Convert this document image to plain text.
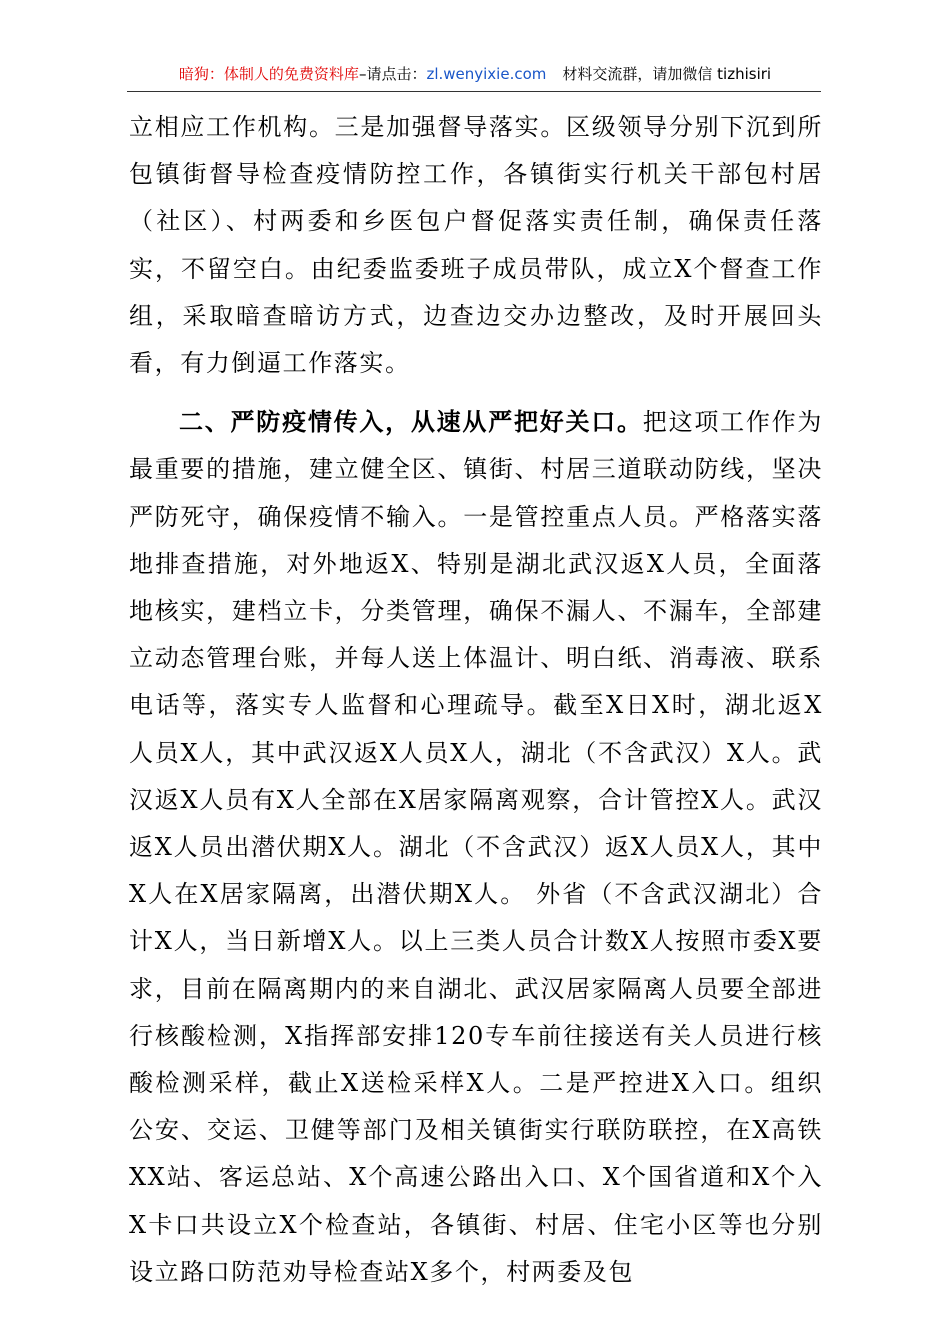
暗狗：体制人的免费资料库–请点击：zl.wenyixie.com 材料交流群，请加微信 tizhisiri

立相应工作机构。三是加强督导落实。区级领导分别下沉到所包镇街督导检查疫情防控工作，各镇街实行机关干部包村居（社区）、村两委和乡医包户督促落实责任制，确保责任落实，不留空白。由纪委监委班子成员带队，成立X个督查工作组，采取暗查暗访方式，边查边交办边整改，及时开展回头看，有力倒逼工作落实。

二、严防疫情传入，从速从严把好关口。把这项工作作为最重要的措施，建立健全区、镇街、村居三道联动防线，坚决严防死守，确保疫情不输入。一是管控重点人员。严格落实落地排查措施，对外地返X、特别是湖北武汉返X人员，全面落地核实，建档立卡，分类管理，确保不漏人、不漏车，全部建立动态管理台账，并每人送上体温计、明白纸、消毒液、联系电话等，落实专人监督和心理疏导。截至X日X时，湖北返X人员X人，其中武汉返X人员X人，湖北（不含武汉）X人。武汉返X人员有X人全部在X居家隔离观察，合计管控X人。武汉返X人员出潜伏期X人。湖北（不含武汉）返X人员X人，其中X人在X居家隔离，出潜伏期X人。 外省（不含武汉湖北）合计X人，当日新增X人。以上三类人员合计数X人按照市委X要求，目前在隔离期内的来自湖北、武汉居家隔离人员要全部进行核酸检测，X指挥部安排120专车前往接送有关人员进行核酸检测采样，截止X送检采样X人。二是严控进X入口。组织公安、交运、卫健等部门及相关镇街实行联防联控，在X高铁XX站、客运总站、X个高速公路出入口、X个国省道和X个入X卡口共设立X个检查站，各镇街、村居、住宅小区等也分别设立路口防范劝导检查站X多个，村两委及包
